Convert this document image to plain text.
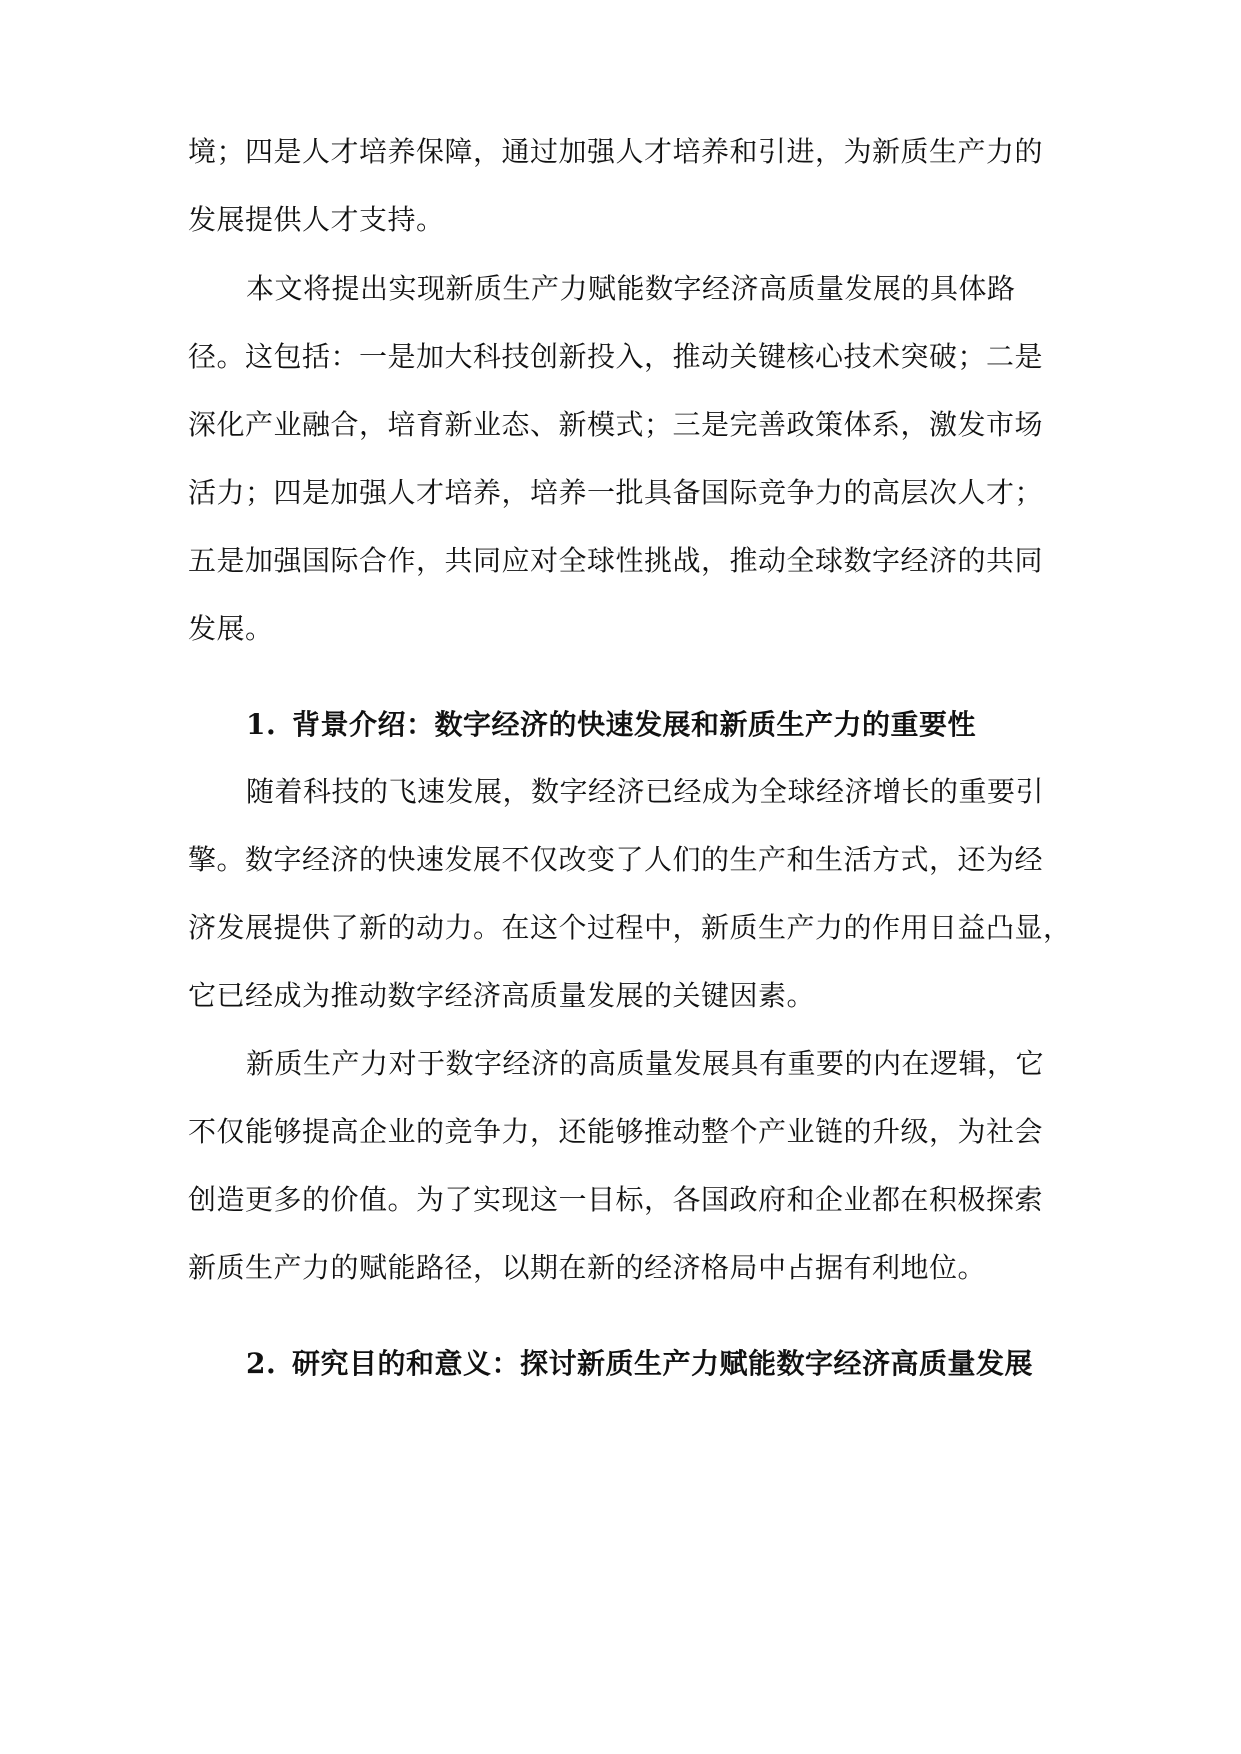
境；四是人才培养保障，通过加强人才培养和引进，为新质生产力的
发展提供人才支持。
本文将提出实现新质生产力赋能数字经济高质量发展的具体路
径。这包括：一是加大科技创新投入，推动关键核心技术突破；二是
深化产业融合，培育新业态、新模式；三是完善政策体系，激发市场
活力；四是加强人才培养，培养一批具备国际竞争力的高层次人才；
五是加强国际合作，共同应对全球性挑战，推动全球数字经济的共同
发展。
1. 背景介绍：数字经济的快速发展和新质生产力的重要性
随着科技的飞速发展，数字经济已经成为全球经济增长的重要引
擎。数字经济的快速发展不仅改变了人们的生产和生活方式，还为经
济发展提供了新的动力。在这个过程中，新质生产力的作用日益凸显，
它已经成为推动数字经济高质量发展的关键因素。
新质生产力对于数字经济的高质量发展具有重要的内在逻辑，它
不仅能够提高企业的竞争力，还能够推动整个产业链的升级，为社会
创造更多的价值。为了实现这一目标，各国政府和企业都在积极探索
新质生产力的赋能路径，以期在新的经济格局中占据有利地位。
2. 研究目的和意义：探讨新质生产力赋能数字经济高质量发展
